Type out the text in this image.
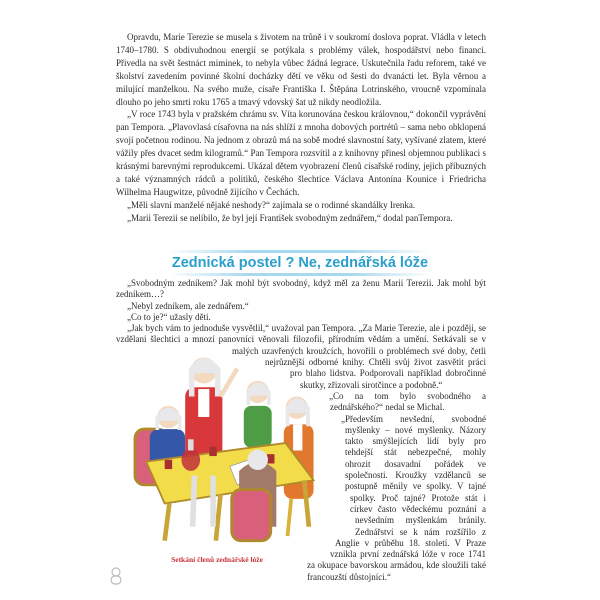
Opravdu, Marie Terezie se musela s životem na trůně i v soukromí doslova poprat. Vládla v letech 1740–1780. S obdivuhodnou energií se potýkala s problémy válek, hospodářství nebo financí. Přivedla na svět šestnáct miminek, to nebyla vůbec žádná legrace. Uskutečnila řadu reforem, také ve školství zavedením povinné školní docházky dětí ve věku od šesti do dvanácti let. Byla věrnou a milující manželkou. Na svého muže, císaře Františka I. Štěpána Lotrinského, vroucně vzpomínala dlouho po jeho smrti roku 1765 a tmavý vdovský šat už nikdy neodložila.

„V roce 1743 byla v pražském chrámu sv. Víta korunována českou královnou,“ dokončil vyprávění pan Tempora. „Plavovlasá císařovna na nás shlíží z mnoha dobových portrétů – sama nebo obklopená svojí početnou rodinou. Na jednom z obrazů má na sobě modré slavnostní šaty, vyšívané zlatem, které vážily přes dvacet sedm kilogramů.“ Pan Tempora rozsvítil a z knihovny přinesl objemnou publikaci s krásnými barevnými reprodukcemi. Ukázal dětem vyobrazení členů císařské rodiny, jejich příbuzných a také významných rádců a politiků, českého šlechtice Václava Antonína Kounice i Friedricha Wilhelma Haugwitze, původně žijícího v Čechách.

„Měli slavní manželé nějaké neshody?“ zajímala se o rodinné skandálky Irenka.

„Marii Terezii se nelíbilo, že byl její František svobodným zednářem,“ dodal panTempora.

Zednická postel ? Ne, zednářská lóže

„Svobodným zedníkem? Jak mohl být svobodný, když měl za ženu Marii Terezii. Jak mohl být zedníkem…?

„Nebyl zedníkem, ale zednářem.“

„Co to je?“ užasly děti.

„Jak bych vám to jednoduše vysvětlil,“ uvažoval pan Tempora. „Za Marie Terezie, ale i později, se vzdělaní šlechtici a mnozí panovníci věnovali filozofii, přírodním vědám a umění. Setkávali se v malých uzavřených kroužcích, hovořili o problémech své doby, četli nejrůznější odborné knihy. Chtěli svůj život zasvětit práci pro blaho lidstva. Podporovali například dobročinné skutky, zřizovali sirotčince a podobně.“

„Co na tom bylo svobodného a zednářského?“ nedal se Michal.

„Především nevšední, svobodné myšlenky – nové myšlenky. Názory takto smýšlejících lidí byly pro tehdejší stát nebezpečné, mohly ohrozit dosavadní pořádek ve společnosti. Kroužky vzdělanců se postupně měnily ve spolky. V tajné spolky. Proč tajné? Protože stát i církev často vědeckému poznání a nevšedním myšlenkám bránily. Zednářství se k nám rozšířilo z Anglie v průběhu 18. století. V Praze vznikla první zednářská lóže v roce 1741 za okupace bavorskou armádou, kde sloužili také francouzští důstojníci.“

Setkání členů zednářské lóže
